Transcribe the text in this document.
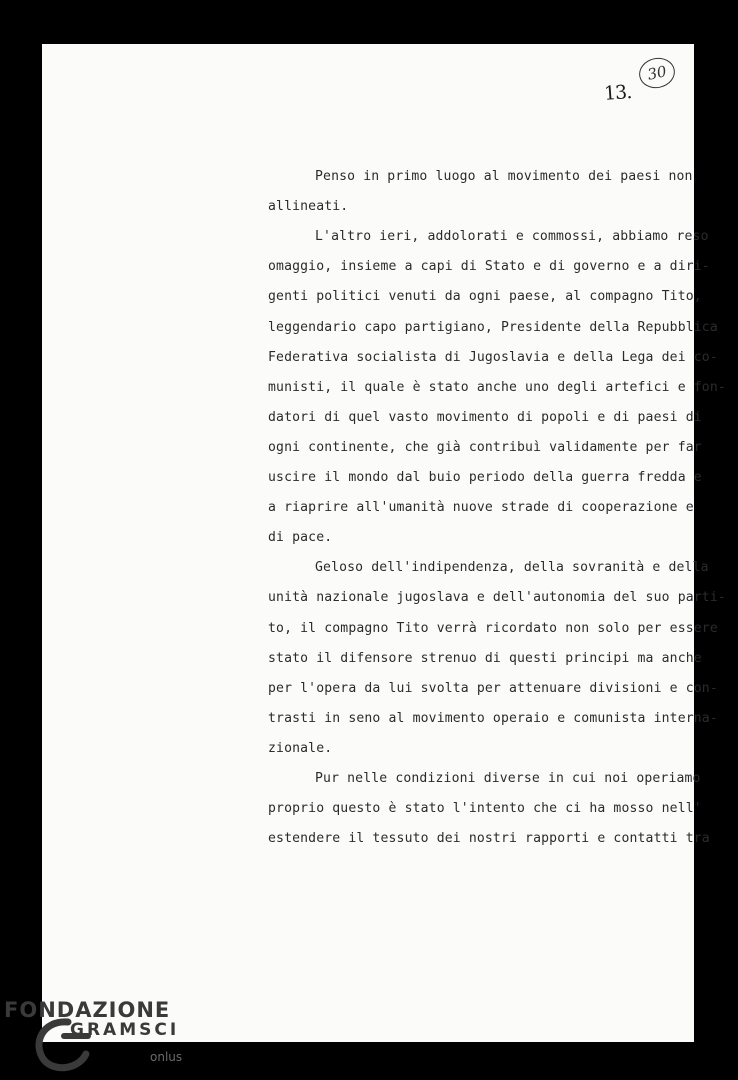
13.
30
Penso in primo luogo al movimento dei paesi non
allineati.
L'altro ieri, addolorati e commossi, abbiamo reso
omaggio, insieme a capi di Stato e di governo e a diri-
genti politici venuti da ogni paese, al compagno Tito,
leggendario capo partigiano, Presidente della Repubblica
Federativa socialista di Jugoslavia e della Lega dei co-
munisti, il quale è stato anche uno degli artefici e fon-
datori di quel vasto movimento di popoli e di paesi di
ogni continente, che già contribuì validamente per far
uscire il mondo dal buio periodo della guerra fredda e
a riaprire all'umanità nuove strade di cooperazione e
di pace.
Geloso dell'indipendenza, della sovranità e della
unità nazionale jugoslava e dell'autonomia del suo parti-
to, il compagno Tito verrà ricordato non solo per essere
stato il difensore strenuo di questi principi ma anche
per l'opera da lui svolta per attenuare divisioni e con-
trasti in seno al movimento operaio e comunista interna-
zionale.
Pur nelle condizioni diverse in cui noi operiamo
proprio questo è stato l'intento che ci ha mosso nell'
estendere il tessuto dei nostri rapporti e contatti tra
FONDAZIONE
GRAMSCI
onlus
